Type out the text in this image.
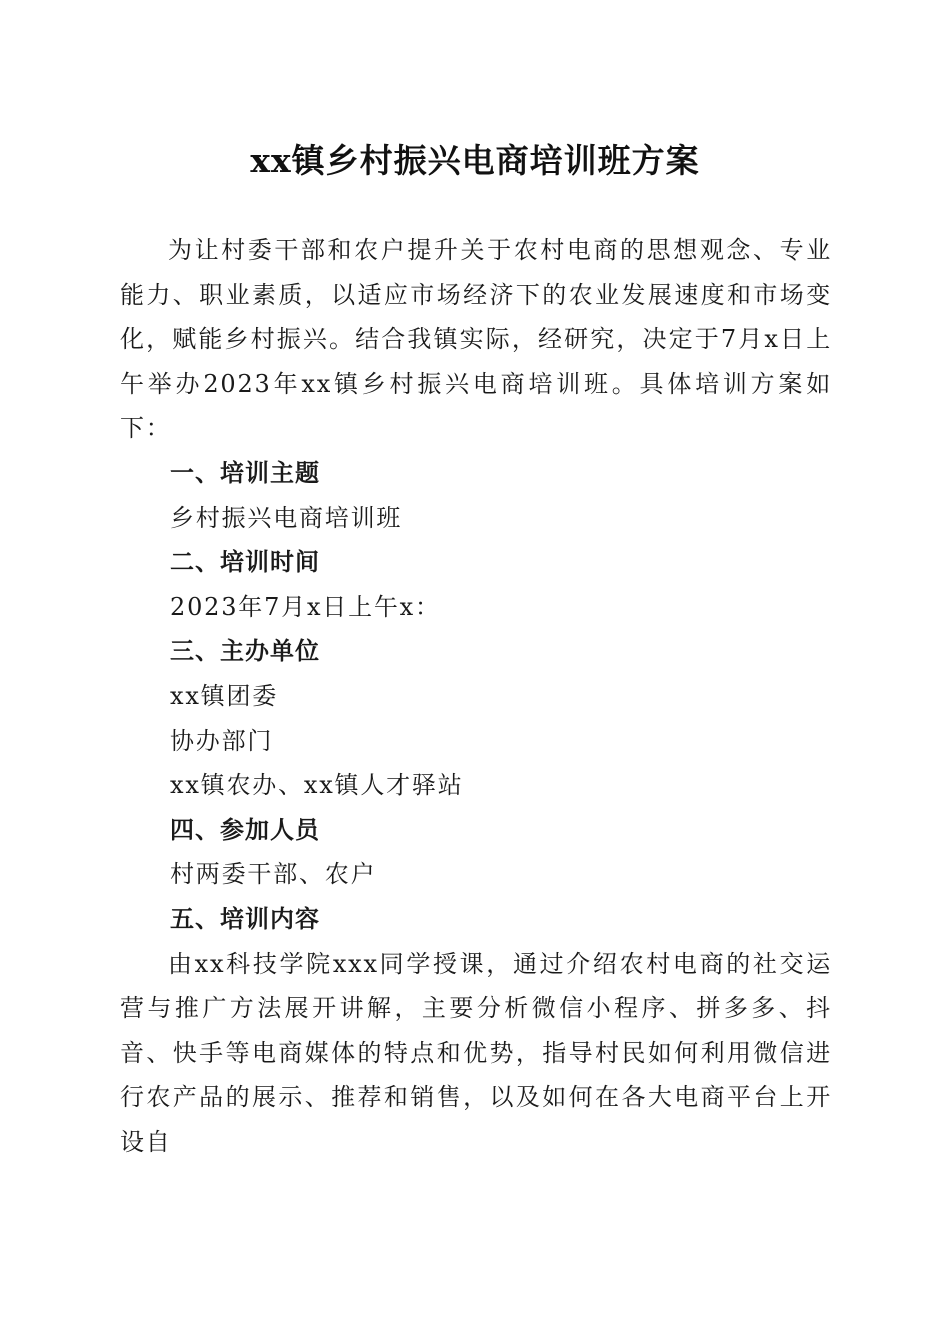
xx镇乡村振兴电商培训班方案

为让村委干部和农户提升关于农村电商的思想观念、专业能力、职业素质，以适应市场经济下的农业发展速度和市场变化，赋能乡村振兴。结合我镇实际，经研究，决定于7月x日上午举办2023年xx镇乡村振兴电商培训班。具体培训方案如下：

一、培训主题

乡村振兴电商培训班

二、培训时间

2023年7月x日上午x：

三、主办单位

xx镇团委

协办部门

xx镇农办、xx镇人才驿站

四、参加人员

村两委干部、农户

五、培训内容

由xx科技学院xxx同学授课，通过介绍农村电商的社交运营与推广方法展开讲解，主要分析微信小程序、拼多多、抖音、快手等电商媒体的特点和优势，指导村民如何利用微信进行农产品的展示、推荐和销售，以及如何在各大电商平台上开设自
